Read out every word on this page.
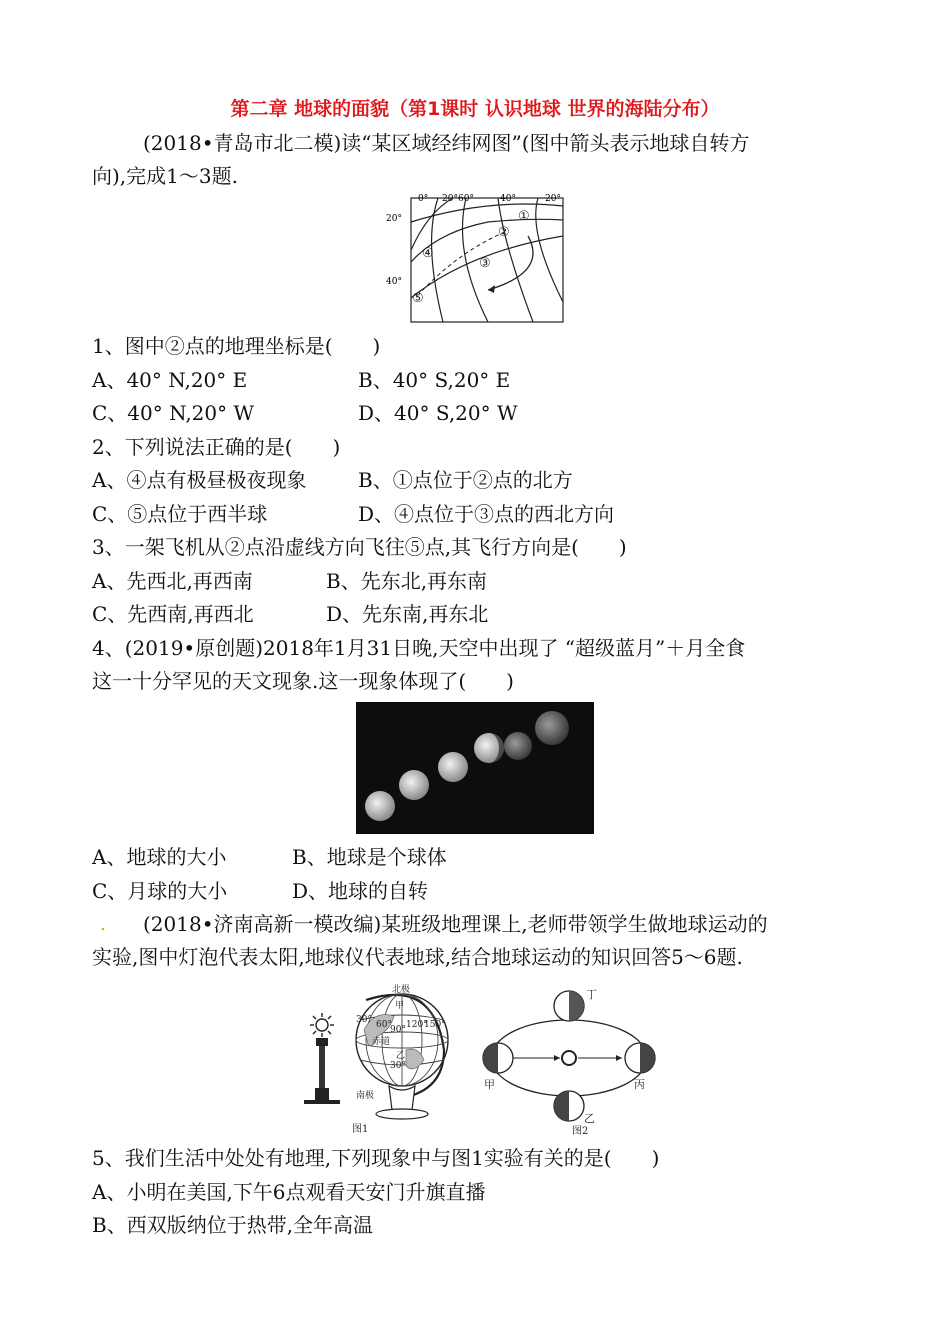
第二章 地球的面貌（第1课时 认识地球 世界的海陆分布）
(2018•青岛市北二模)读“某区域经纬网图”(图中箭头表示地球自转方
向),完成1～3题.
0° 20° 60°	40°	20°
20°
40°
①
②
③
④
⑤
1、图中②点的地理坐标是(　　)
A、40° N,20° E	B、40° S,20° E
C、40° N,20° W	D、40° S,20° W
2、下列说法正确的是(　　)
A、④点有极昼极夜现象	B、①点位于②点的北方
C、⑤点位于西半球	D、④点位于③点的西北方向
3、一架飞机从②点沿虚线方向飞往⑤点,其飞行方向是(　　)
A、先西北,再西南	B、先东北,再东南
C、先西南,再西北	D、先东南,再东北
4、(2019•原创题)2018年1月31日晚,天空中出现了 “超级蓝月”＋月全食
这一十分罕见的天文现象.这一现象体现了(　　)
A、地球的大小	B、地球是个球体
C、月球的大小	D、地球的自转
. (2018•济南高新一模改编)某班级地理课上,老师带领学生做地球运动的
实验,图中灯泡代表太阳,地球仪代表地球,结合地球运动的知识回答5～6题.
北极
甲
30° 60°
90° 120°
150°
赤道
乙
30°
南极
图1
丁
甲	丙
乙
图2
5、我们生活中处处有地理,下列现象中与图1实验有关的是(　　)
A、小明在美国,下午6点观看天安门升旗直播
B、西双版纳位于热带,全年高温
